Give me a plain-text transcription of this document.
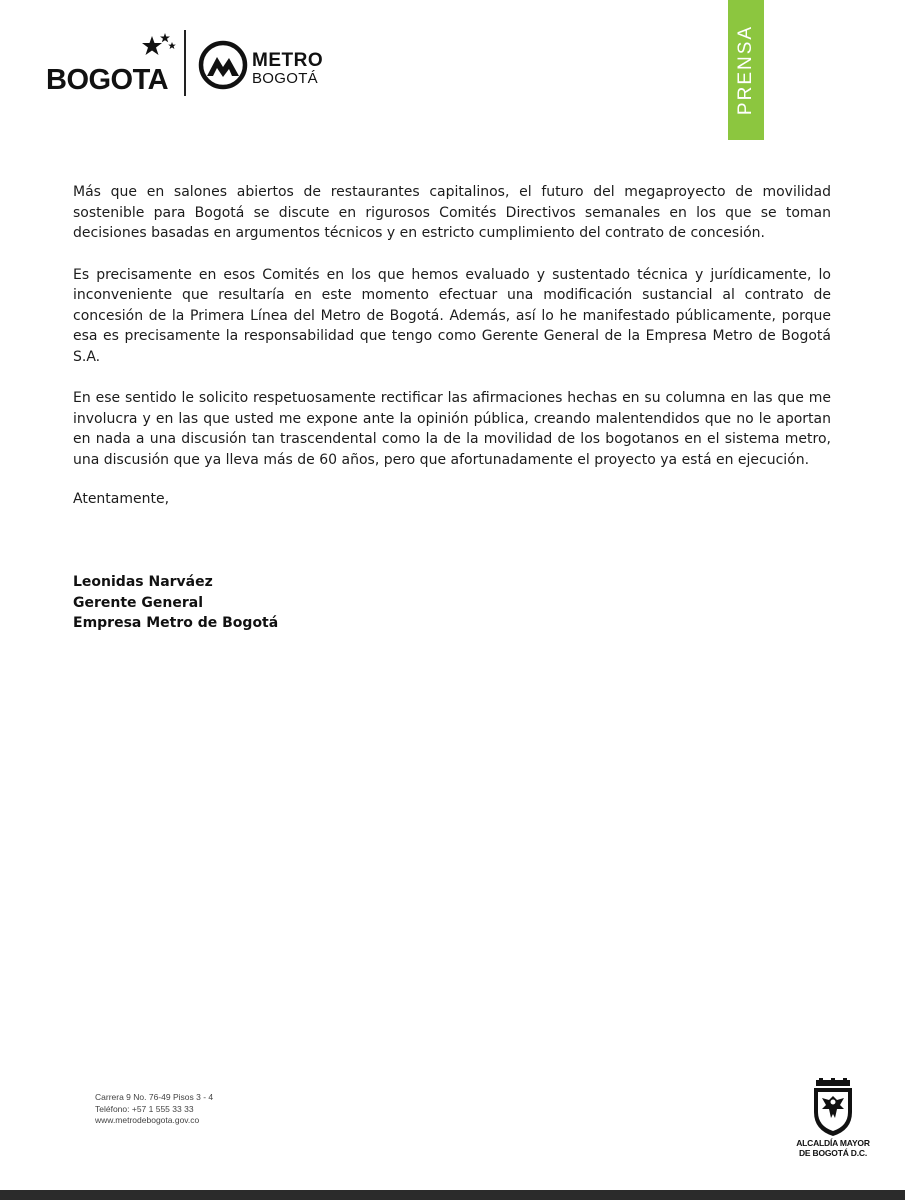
BOGOTA
METRO
BOGOTÁ	PRENSA

Más que en salones abiertos de restaurantes capitalinos, el futuro del megaproyecto de movilidad sostenible para Bogotá se discute en rigurosos Comités Directivos semanales en los que se toman decisiones basadas en argumentos técnicos y en estricto cumplimiento del contrato de concesión.

Es precisamente en esos Comités en los que hemos evaluado y sustentado técnica y jurídicamente, lo inconveniente que resultaría en este momento efectuar una modificación sustancial al contrato de concesión de la Primera Línea del Metro de Bogotá. Además, así lo he manifestado públicamente, porque esa es precisamente la responsabilidad que tengo como Gerente General de la Empresa Metro de Bogotá S.A.

En ese sentido le solicito respetuosamente rectificar las afirmaciones hechas en su columna en las que me involucra y en las que usted me expone ante la opinión pública, creando malentendidos que no le aportan en nada a una discusión tan trascendental como la de la movilidad de los bogotanos en el sistema metro, una discusión que ya lleva más de 60 años, pero que afortunadamente el proyecto ya está en ejecución.

Atentamente,
Leonidas Narváez
Gerente General
Empresa Metro de Bogotá
Carrera 9 No. 76-49 Pisos 3 - 4
Teléfono: +57 1 555 33 33
www.metrodebogota.gov.co
ALCALDÍA MAYOR
DE BOGOTÁ D.C.
